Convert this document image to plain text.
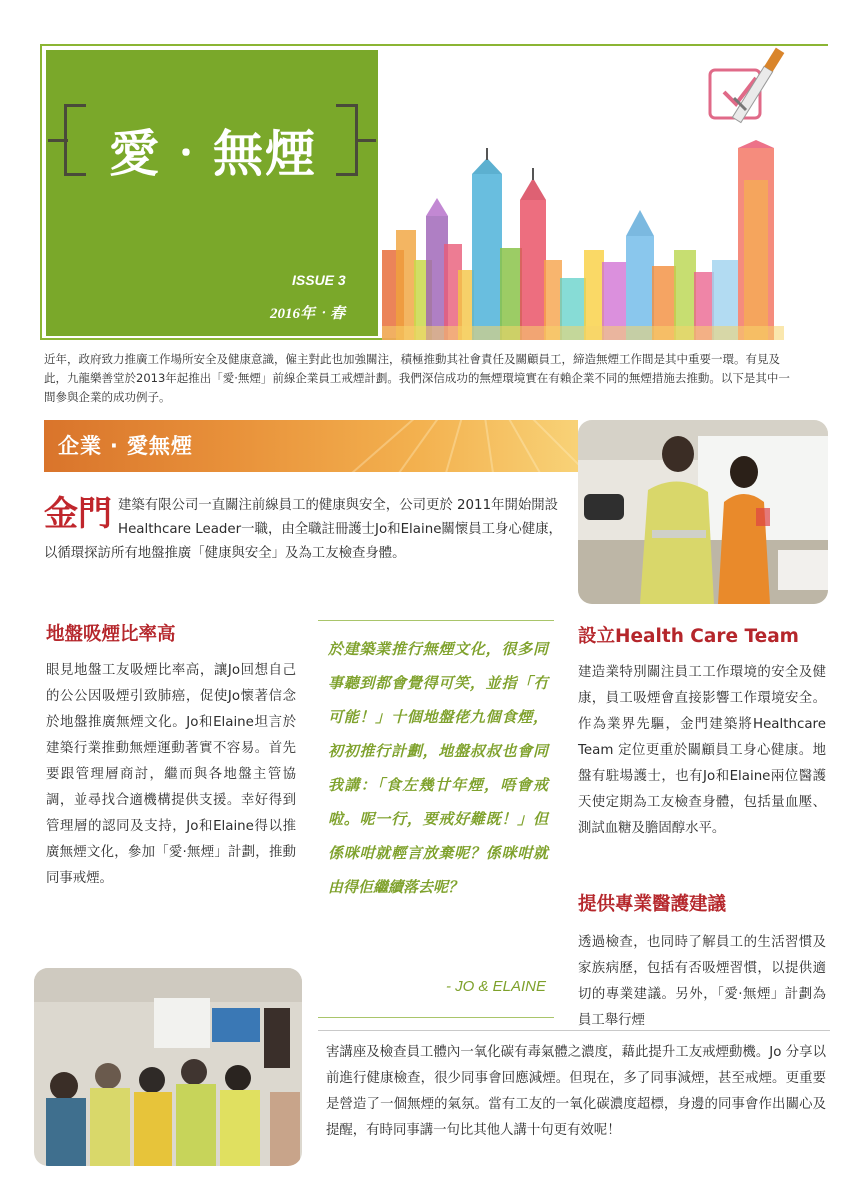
愛‧無煙
ISSUE 3
2016年‧春

近年，政府致力推廣工作場所安全及健康意識，僱主對此也加強關注，積極推動其社會責任及關顧員工，締造無煙工作間是其中重要一環。有見及此，九龍樂善堂於2013年起推出「愛‧無煙」前線企業員工戒煙計劃。我們深信成功的無煙環境實在有賴企業不同的無煙措施去推動。以下是其中一間參與企業的成功例子。

企業 ‧ 愛無煙
金門 建築有限公司一直關注前線員工的健康與安全，公司更於 2011年開始開設Healthcare Leader一職，由全職註冊護士Jo和Elaine關懷員工身心健康，以循環探訪所有地盤推廣「健康與安全」及為工友檢查身體。
地盤吸煙比率高

眼見地盤工友吸煙比率高，讓Jo回想自己的公公因吸煙引致肺癌，促使Jo懷著信念於地盤推廣無煙文化。Jo和Elaine坦言於建築行業推動無煙運動著實不容易。首先要跟管理層商討，繼而與各地盤主管協調，並尋找合適機構提供支援。幸好得到管理層的認同及支持，Jo和Elaine得以推廣無煙文化，參加「愛‧無煙」計劃，推動同事戒煙。

於建築業推行無煙文化，很多同事聽到都會覺得可笑，並指「冇可能！」十個地盤佬九個食煙，初初推行計劃，地盤叔叔也會同我講：「食左幾廿年煙，唔會戒啦。呢一行，要戒好難既！」但係咪咁就輕言放棄呢？係咪咁就由得佢繼續落去呢？

- JO & ELAINE
設立Health Care Team

建造業特別關注員工工作環境的安全及健康，員工吸煙會直接影響工作環境安全。作為業界先驅，金門建築將Healthcare Team 定位更重於關顧員工身心健康。地盤有駐場護士，也有Jo和Elaine兩位醫護天使定期為工友檢查身體，包括量血壓、測試血糖及膽固醇水平。

提供專業醫護建議

透過檢查，也同時了解員工的生活習慣及家族病歷，包括有否吸煙習慣，以提供適切的專業建議。另外，「愛‧無煙」計劃為員工舉行煙

害講座及檢查員工體內一氧化碳有毒氣體之濃度，藉此提升工友戒煙動機。Jo 分享以前進行健康檢查，很少同事會回應減煙。但現在，多了同事減煙，甚至戒煙。更重要是營造了一個無煙的氣氛。當有工友的一氧化碳濃度超標，身邊的同事會作出關心及提醒，有時同事講一句比其他人講十句更有效呢！
